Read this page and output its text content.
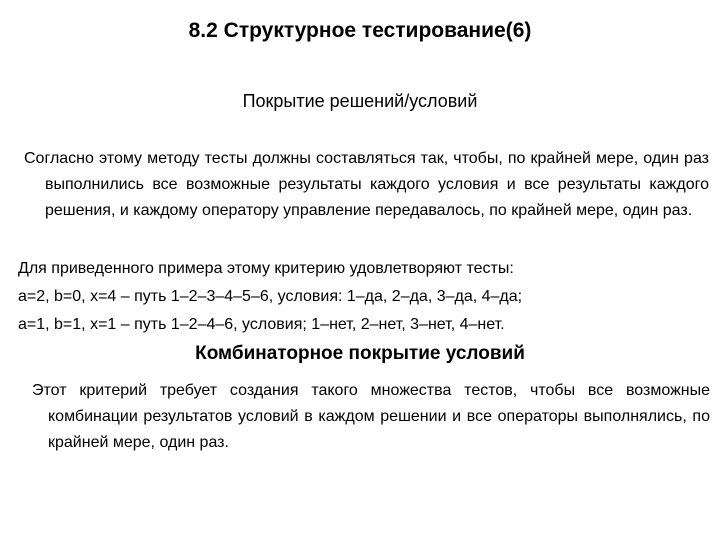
8.2 Структурное тестирование(6)
Покрытие решений/условий
Согласно этому методу тесты должны составляться так, чтобы, по крайней мере, один раз выполнились все возможные результаты каждого условия и все результаты каждого решения, и каждому оператору управление передавалось, по крайней мере, один раз.
Для приведенного примера этому критерию удовлетворяют тесты:
a=2, b=0, x=4 – путь 1–2–3–4–5–6, условия: 1–да, 2–да, 3–да, 4–да;
a=1, b=1, x=1 – путь 1–2–4–6, условия; 1–нет, 2–нет, 3–нет, 4–нет.
Комбинаторное покрытие условий
Этот критерий требует создания такого множества тестов, чтобы все возможные комбинации результатов условий в каждом решении и все операторы выполнялись, по крайней мере, один раз.
